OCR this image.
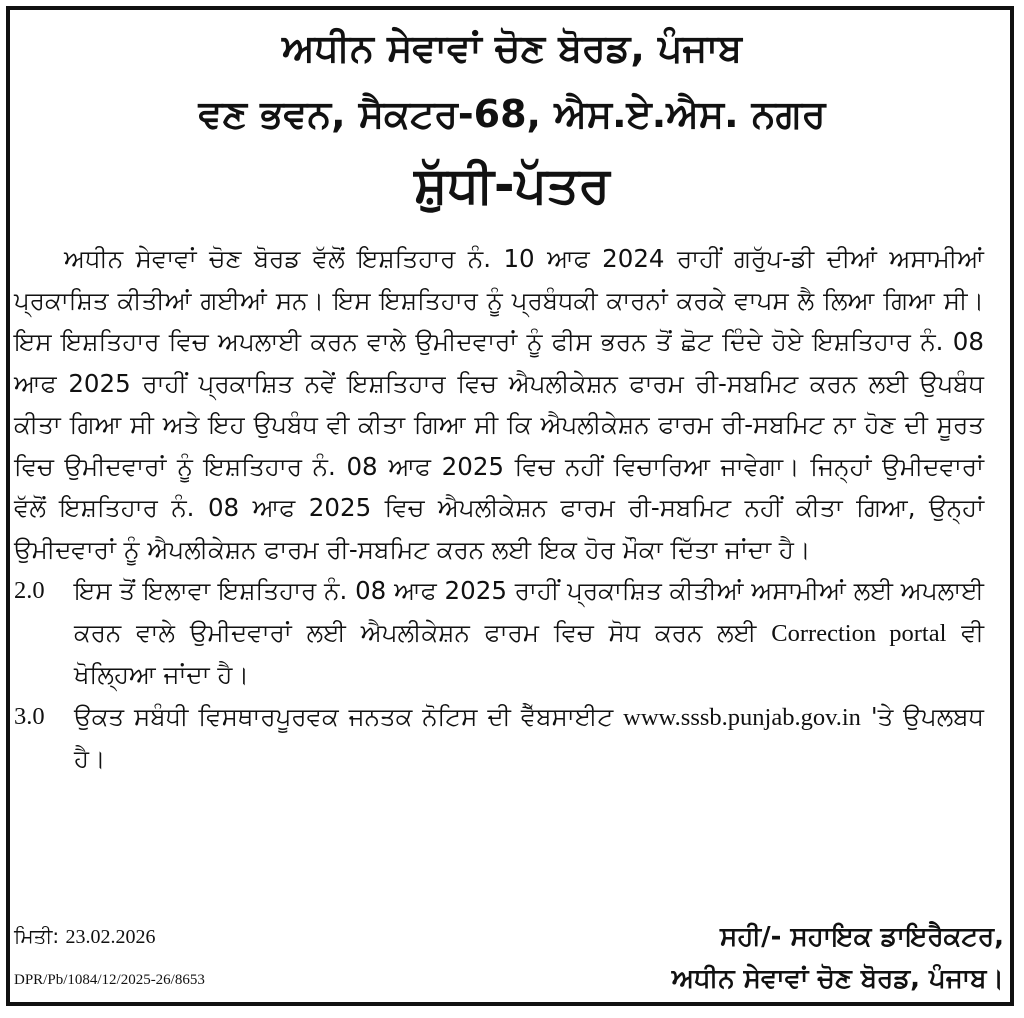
ਅਧੀਨ ਸੇਵਾਵਾਂ ਚੋਣ ਬੋਰਡ, ਪੰਜਾਬ
ਵਣ ਭਵਨ, ਸੈਕਟਰ-68, ਐਸ.ਏ.ਐਸ. ਨਗਰ
ਸ਼ੁੱਧੀ-ਪੱਤਰ

ਅਧੀਨ ਸੇਵਾਵਾਂ ਚੋਣ ਬੋਰਡ ਵੱਲੋਂ ਇਸ਼ਤਿਹਾਰ ਨੰ. 10 ਆਫ 2024 ਰਾਹੀਂ ਗਰੁੱਪ-ਡੀ ਦੀਆਂ ਅਸਾਮੀਆਂ ਪ੍ਰਕਾਸ਼ਿਤ ਕੀਤੀਆਂ ਗਈਆਂ ਸਨ। ਇਸ ਇਸ਼ਤਿਹਾਰ ਨੂੰ ਪ੍ਰਬੰਧਕੀ ਕਾਰਨਾਂ ਕਰਕੇ ਵਾਪਸ ਲੈ ਲਿਆ ਗਿਆ ਸੀ। ਇਸ ਇਸ਼ਤਿਹਾਰ ਵਿਚ ਅਪਲਾਈ ਕਰਨ ਵਾਲੇ ਉਮੀਦਵਾਰਾਂ ਨੂੰ ਫੀਸ ਭਰਨ ਤੋਂ ਛੋਟ ਦਿੰਦੇ ਹੋਏ ਇਸ਼ਤਿਹਾਰ ਨੰ. 08 ਆਫ 2025 ਰਾਹੀਂ ਪ੍ਰਕਾਸ਼ਿਤ ਨਵੇਂ ਇਸ਼ਤਿਹਾਰ ਵਿਚ ਐਪਲੀਕੇਸ਼ਨ ਫਾਰਮ ਰੀ-ਸਬਮਿਟ ਕਰਨ ਲਈ ਉਪਬੰਧ ਕੀਤਾ ਗਿਆ ਸੀ ਅਤੇ ਇਹ ਉਪਬੰਧ ਵੀ ਕੀਤਾ ਗਿਆ ਸੀ ਕਿ ਐਪਲੀਕੇਸ਼ਨ ਫਾਰਮ ਰੀ-ਸਬਮਿਟ ਨਾ ਹੋਣ ਦੀ ਸੂਰਤ ਵਿਚ ਉਮੀਦਵਾਰਾਂ ਨੂੰ ਇਸ਼ਤਿਹਾਰ ਨੰ. 08 ਆਫ 2025 ਵਿਚ ਨਹੀਂ ਵਿਚਾਰਿਆ ਜਾਵੇਗਾ। ਜਿਨ੍ਹਾਂ ਉਮੀਦਵਾਰਾਂ ਵੱਲੋਂ ਇਸ਼ਤਿਹਾਰ ਨੰ. 08 ਆਫ 2025 ਵਿਚ ਐਪਲੀਕੇਸ਼ਨ ਫਾਰਮ ਰੀ-ਸਬਮਿਟ ਨਹੀਂ ਕੀਤਾ ਗਿਆ, ਉਨ੍ਹਾਂ ਉਮੀਦਵਾਰਾਂ ਨੂੰ ਐਪਲੀਕੇਸ਼ਨ ਫਾਰਮ ਰੀ-ਸਬਮਿਟ ਕਰਨ ਲਈ ਇਕ ਹੋਰ ਮੌਕਾ ਦਿੱਤਾ ਜਾਂਦਾ ਹੈ।

2.0	ਇਸ ਤੋਂ ਇਲਾਵਾ ਇਸ਼ਤਿਹਾਰ ਨੰ. 08 ਆਫ 2025 ਰਾਹੀਂ ਪ੍ਰਕਾਸ਼ਿਤ ਕੀਤੀਆਂ ਅਸਾਮੀਆਂ ਲਈ ਅਪਲਾਈ ਕਰਨ ਵਾਲੇ ਉਮੀਦਵਾਰਾਂ ਲਈ ਐਪਲੀਕੇਸ਼ਨ ਫਾਰਮ ਵਿਚ ਸੋਧ ਕਰਨ ਲਈ Correction portal ਵੀ ਖੋਲ੍ਹਿਆ ਜਾਂਦਾ ਹੈ।
3.0	ਉਕਤ ਸਬੰਧੀ ਵਿਸਥਾਰਪੂਰਵਕ ਜਨਤਕ ਨੋਟਿਸ ਦੀ ਵੈੱਬਸਾਈਟ www.sssb.punjab.gov.in 'ਤੇ ਉਪਲਬਧ ਹੈ।
ਮਿਤੀ: 23.02.2026
DPR/Pb/1084/12/2025-26/8653
ਸਹੀ/- ਸਹਾਇਕ ਡਾਇਰੈਕਟਰ,
ਅਧੀਨ ਸੇਵਾਵਾਂ ਚੋਣ ਬੋਰਡ, ਪੰਜਾਬ।
